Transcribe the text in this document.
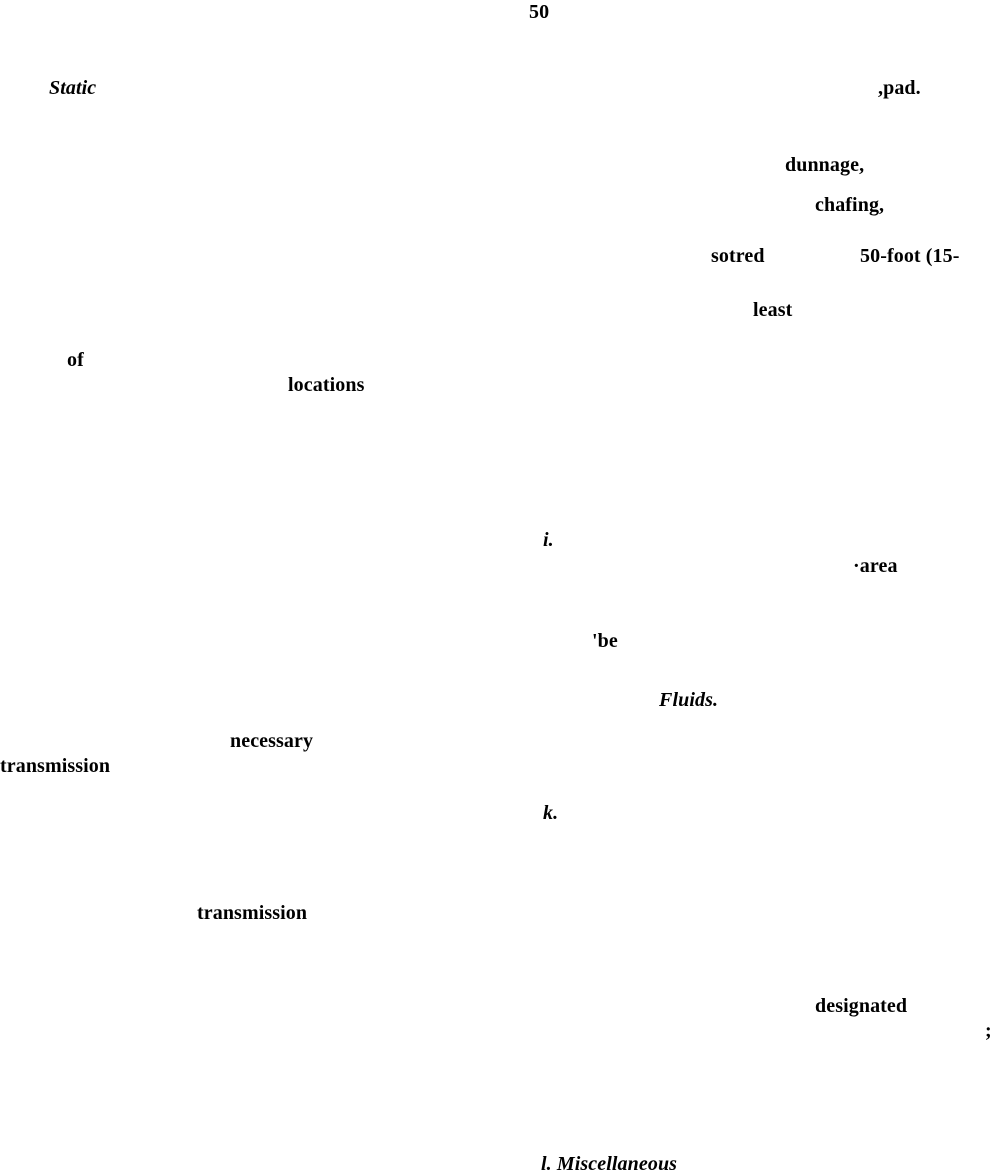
50
Static
of
locations
necessary
transmission
transmission
,pad.
dunnage,
chafing,
sotred	50-foot (15-
least
i.
·area
'be
Fluids.
k.
designated
;
l. Miscellaneous
